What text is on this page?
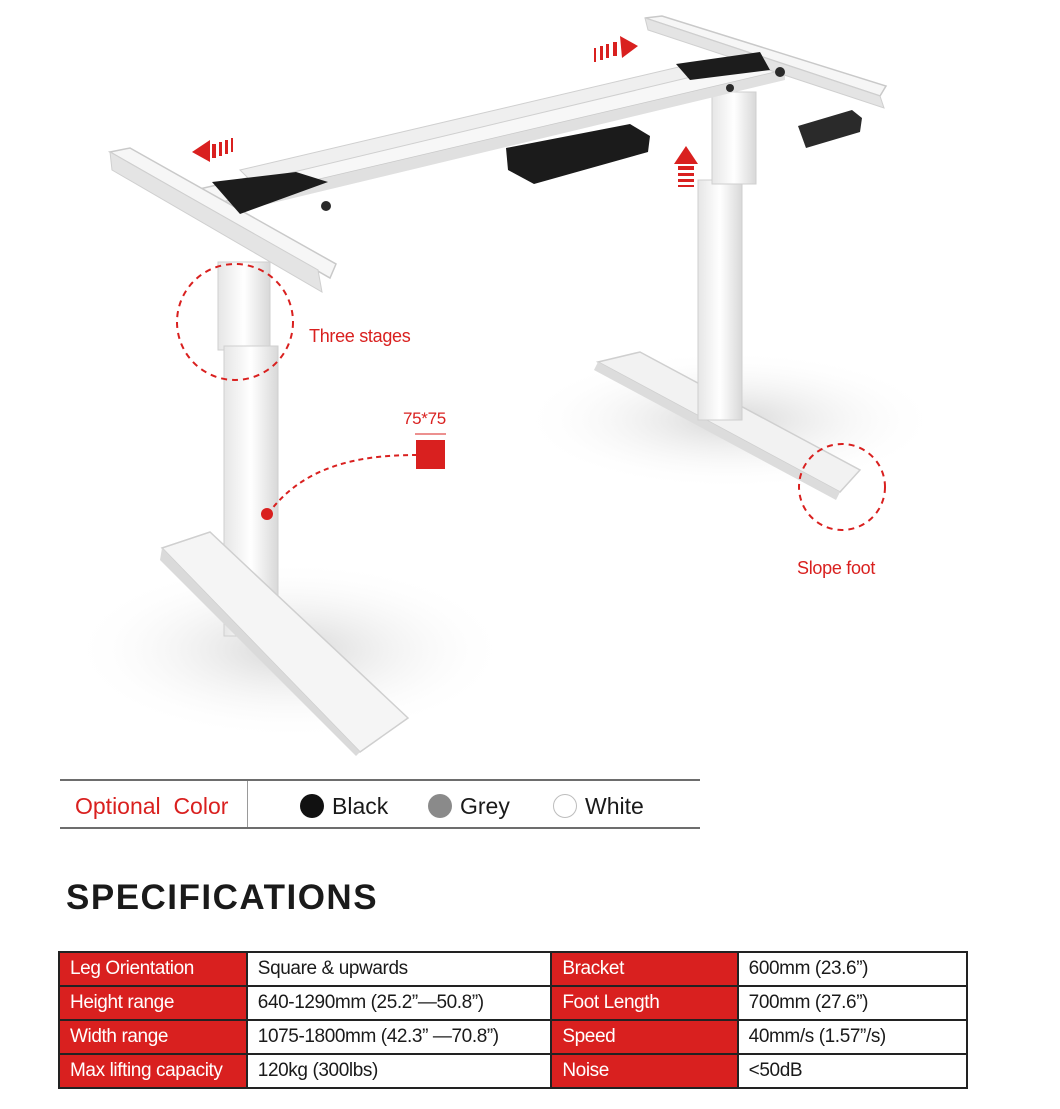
Three stages
75*75
Slope foot
Optional  Color	Black	Grey	White
SPECIFICATIONS
Leg Orientation	Square & upwards	Bracket	600mm (23.6”)
Height range	640-1290mm (25.2”—50.8”)	Foot Length	700mm (27.6”)
Width range	1075-1800mm (42.3” —70.8”)	Speed	40mm/s (1.57”/s)
Max lifting capacity	120kg (300lbs)	Noise	<50dB
